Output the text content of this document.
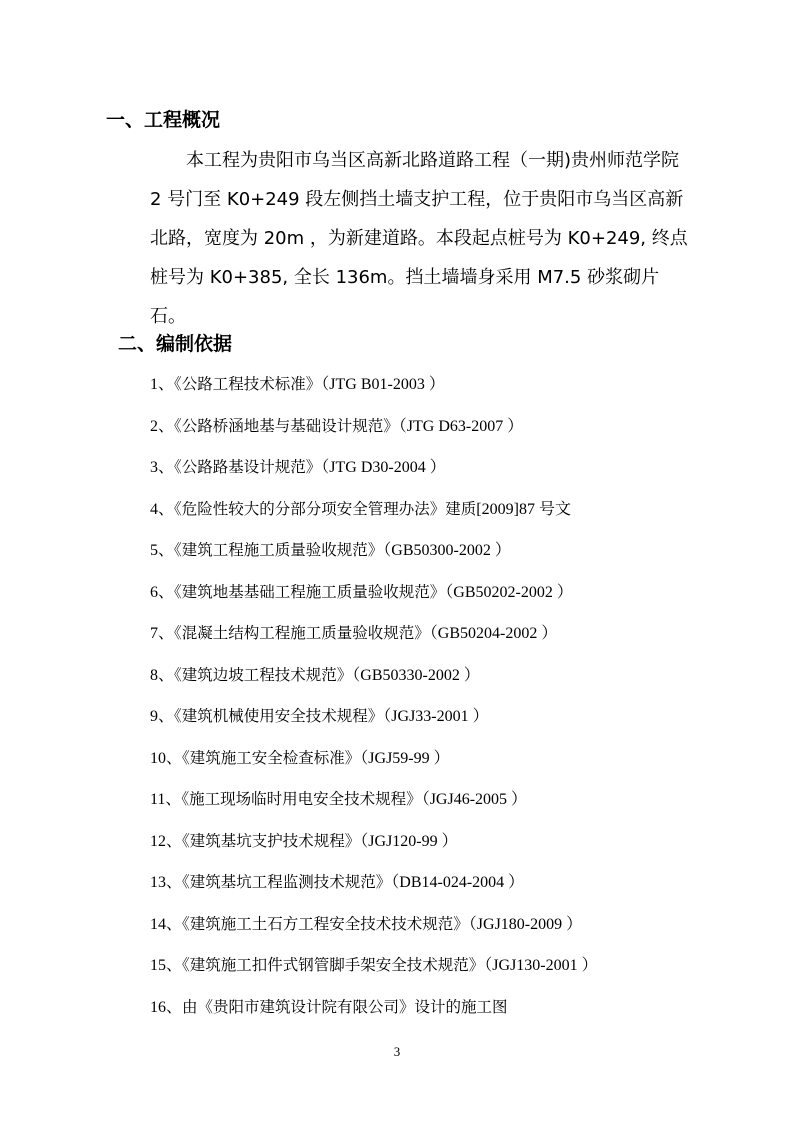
一、工程概况
本工程为贵阳市乌当区高新北路道路工程（一期)贵州师范学院 2 号门至 K0+249 段左侧挡土墙支护工程，位于贵阳市乌当区高新北路，宽度为 20m ，为新建道路。本段起点桩号为 K0+249, 终点桩号为 K0+385, 全长 136m。挡土墙墙身采用 M7.5 砂浆砌片石。
二、编制依据
1、《公路工程技术标准》（JTG B01-2003 ）
2、《公路桥涵地基与基础设计规范》（JTG D63-2007 ）
3、《公路路基设计规范》（JTG D30-2004 ）
4、《危险性较大的分部分项安全管理办法》建质[2009]87 号文
5、《建筑工程施工质量验收规范》（GB50300-2002 ）
6、《建筑地基基础工程施工质量验收规范》（GB50202-2002 ）
7、《混凝土结构工程施工质量验收规范》（GB50204-2002 ）
8、《建筑边坡工程技术规范》（GB50330-2002 ）
9、《建筑机械使用安全技术规程》（JGJ33-2001 ）
10、《建筑施工安全检查标准》（JGJ59-99 ）
11、《施工现场临时用电安全技术规程》（JGJ46-2005 ）
12、《建筑基坑支护技术规程》（JGJ120-99 ）
13、《建筑基坑工程监测技术规范》（DB14-024-2004 ）
14、《建筑施工土石方工程安全技术技术规范》（JGJ180-2009 ）
15、《建筑施工扣件式钢管脚手架安全技术规范》（JGJ130-2001 ）
16、由《贵阳市建筑设计院有限公司》设计的施工图
3
